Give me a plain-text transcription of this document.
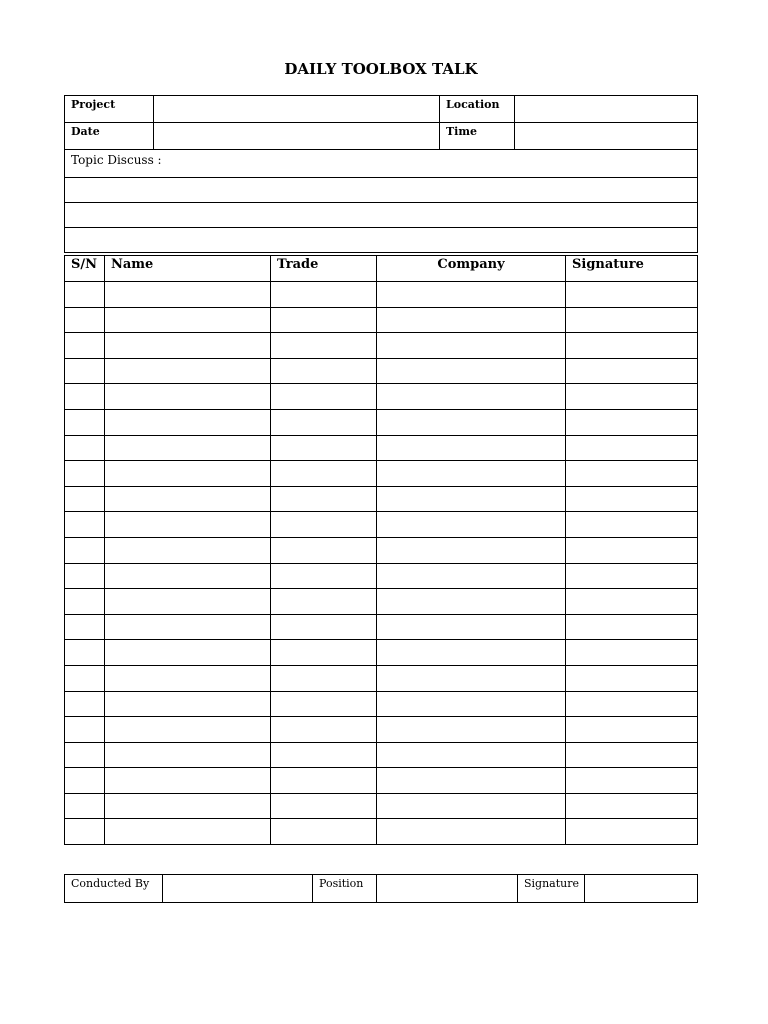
DAILY TOOLBOX TALK
Project		Location	
Date		Time	
Topic Discuss :			

S/N	Name	Trade	Company	Signature

Conducted By		Position		Signature	
